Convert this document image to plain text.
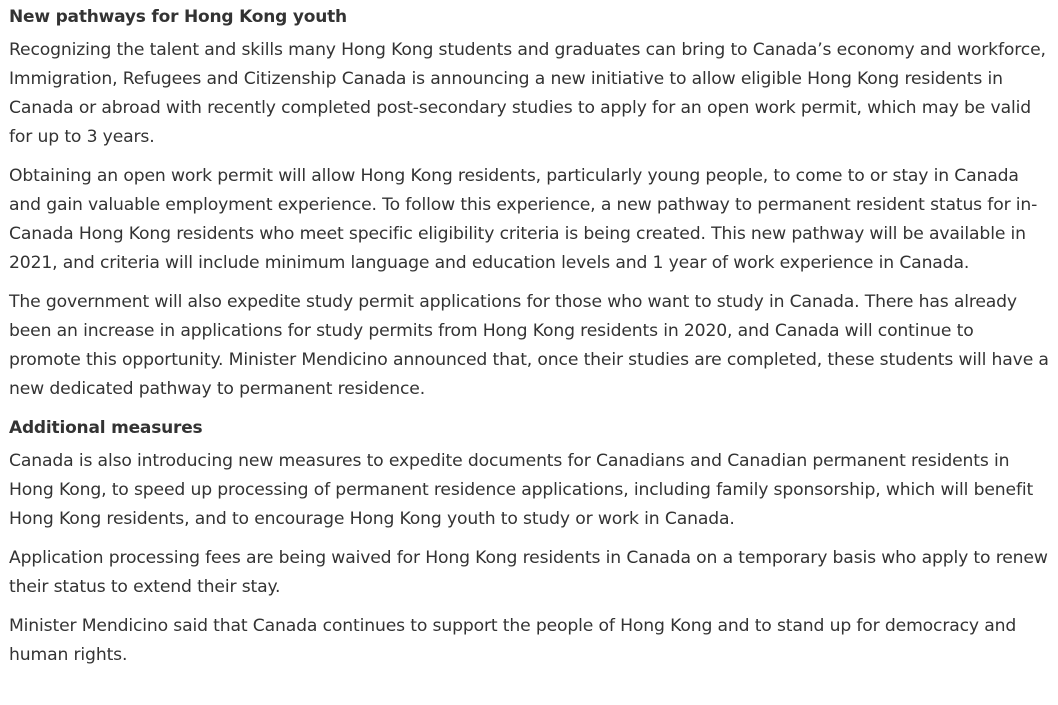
New pathways for Hong Kong youth

Recognizing the talent and skills many Hong Kong students and graduates can bring to Canada’s economy and workforce, Immigration, Refugees and Citizenship Canada is announcing a new initiative to allow eligible Hong Kong residents in Canada or abroad with recently completed post-secondary studies to apply for an open work permit, which may be valid for up to 3 years.

Obtaining an open work permit will allow Hong Kong residents, particularly young people, to come to or stay in Canada and gain valuable employment experience. To follow this experience, a new pathway to permanent resident status for in-Canada Hong Kong residents who meet specific eligibility criteria is being created. This new pathway will be available in 2021, and criteria will include minimum language and education levels and 1 year of work experience in Canada.

The government will also expedite study permit applications for those who want to study in Canada. There has already been an increase in applications for study permits from Hong Kong residents in 2020, and Canada will continue to promote this opportunity. Minister Mendicino announced that, once their studies are completed, these students will have a new dedicated pathway to permanent residence.

Additional measures

Canada is also introducing new measures to expedite documents for Canadians and Canadian permanent residents in Hong Kong, to speed up processing of permanent residence applications, including family sponsorship, which will benefit Hong Kong residents, and to encourage Hong Kong youth to study or work in Canada.

Application processing fees are being waived for Hong Kong residents in Canada on a temporary basis who apply to renew their status to extend their stay.

Minister Mendicino said that Canada continues to support the people of Hong Kong and to stand up for democracy and human rights.
